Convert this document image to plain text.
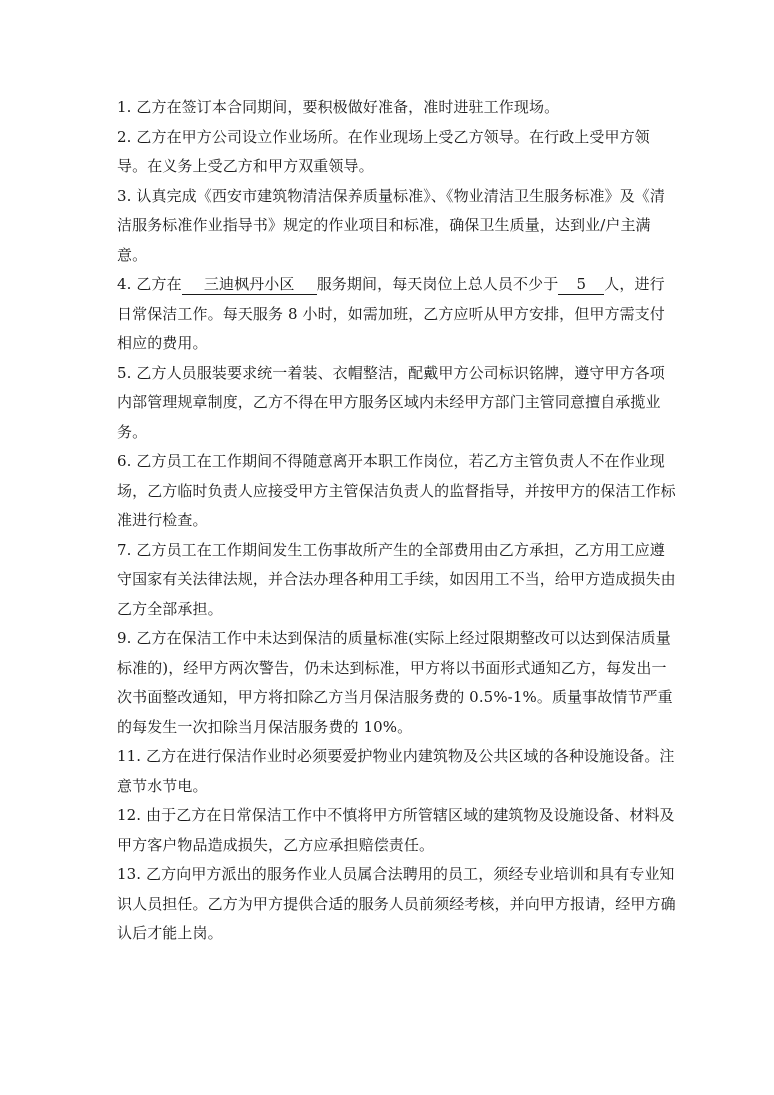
1. 乙方在签订本合同期间，要积极做好准备，准时进驻工作现场。

2. 乙方在甲方公司设立作业场所。在作业现场上受乙方领导。在行政上受甲方领导。在义务上受乙方和甲方双重领导。

3. 认真完成《西安市建筑物清洁保养质量标准》、《物业清洁卫生服务标准》及《清洁服务标准作业指导书》规定的作业项目和标准，确保卫生质量，达到业/户主满意。

4. 乙方在 三迪枫丹小区 服务期间，每天岗位上总人员不少于 5 人，进行日常保洁工作。每天服务 8 小时，如需加班，乙方应听从甲方安排，但甲方需支付相应的费用。

5. 乙方人员服装要求统一着装、衣帽整洁，配戴甲方公司标识铭牌，遵守甲方各项内部管理规章制度，乙方不得在甲方服务区域内未经甲方部门主管同意擅自承揽业务。

6. 乙方员工在工作期间不得随意离开本职工作岗位，若乙方主管负责人不在作业现场，乙方临时负责人应接受甲方主管保洁负责人的监督指导，并按甲方的保洁工作标准进行检查。

7. 乙方员工在工作期间发生工伤事故所产生的全部费用由乙方承担，乙方用工应遵守国家有关法律法规，并合法办理各种用工手续，如因用工不当，给甲方造成损失由乙方全部承担。

9. 乙方在保洁工作中未达到保洁的质量标准(实际上经过限期整改可以达到保洁质量标准的)，经甲方两次警告，仍未达到标准，甲方将以书面形式通知乙方，每发出一次书面整改通知，甲方将扣除乙方当月保洁服务费的 0.5%-1%。质量事故情节严重的每发生一次扣除当月保洁服务费的 10%。

11. 乙方在进行保洁作业时必须要爱护物业内建筑物及公共区域的各种设施设备。注意节水节电。

12. 由于乙方在日常保洁工作中不慎将甲方所管辖区域的建筑物及设施设备、材料及甲方客户物品造成损失，乙方应承担赔偿责任。

13. 乙方向甲方派出的服务作业人员属合法聘用的员工，须经专业培训和具有专业知识人员担任。乙方为甲方提供合适的服务人员前须经考核，并向甲方报请，经甲方确认后才能上岗。
